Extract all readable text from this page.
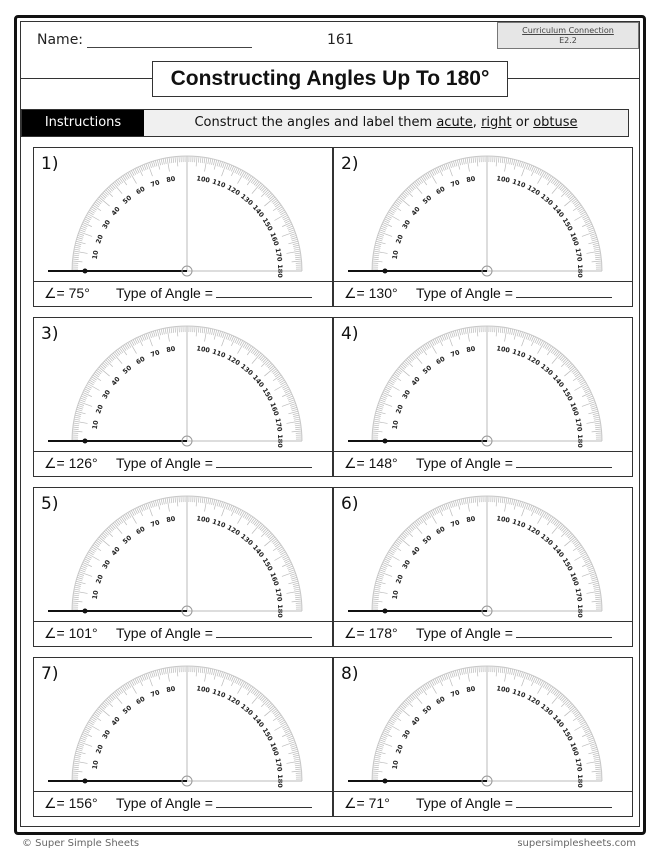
Name:	161
Curriculum Connection
E2.2
Constructing Angles Up To 180°
Instructions	Construct the angles and label them acute, right or obtuse
10
20
30
40
50
60
70 80	100 110 120
130
140
150
160
170
180
1)
∠= 75° Type of Angle =
10
20
30
40
50
60
70 80	100 110 120
130
140
150
160
170
180
2)
∠= 130° Type of Angle =
10
20
30
40
50
60
70 80	100 110 120
130
140
150
160
170
180
3)
∠= 126° Type of Angle =
10
20
30
40
50
60
70 80	100 110 120
130
140
150
160
170
180
4)
∠= 148° Type of Angle =
10
20
30
40
50
60
70 80	100 110 120
130
140
150
160
170
180
5)
∠= 101° Type of Angle =
10
20
30
40
50
60
70 80	100 110 120
130
140
150
160
170
180
6)
∠= 178° Type of Angle =
10
20
30
40
50
60
70 80	100 110 120
130
140
150
160
170
180
7)
∠= 156° Type of Angle =
10
20
30
40
50
60
70 80	100 110 120
130
140
150
160
170
180
8)
∠= 71° Type of Angle =
© Super Simple Sheets	supersimplesheets.com
